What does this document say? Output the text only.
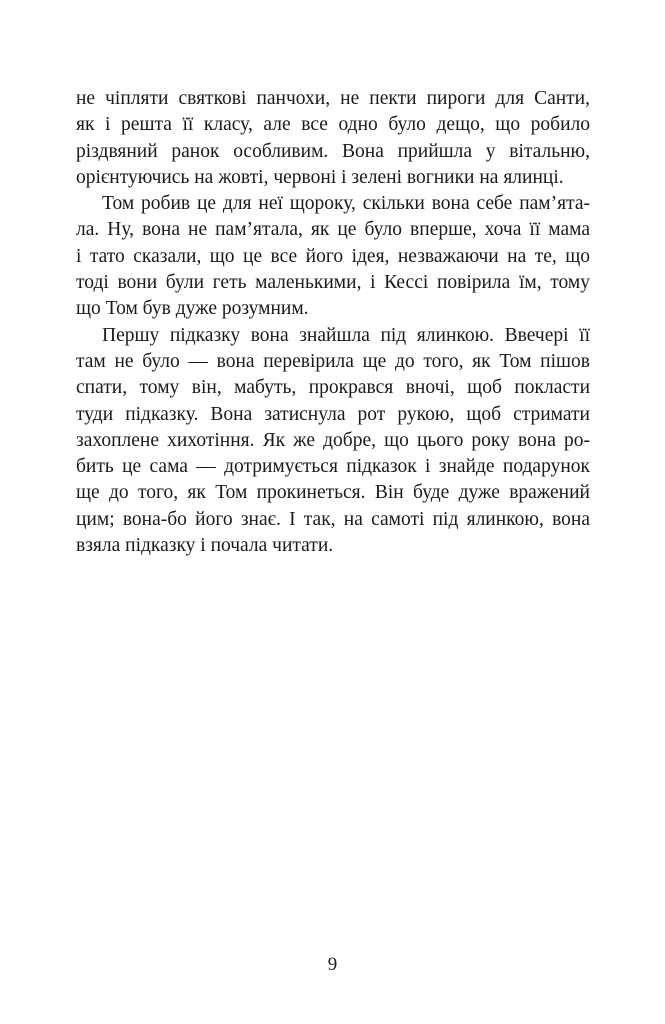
не чіпляти святкові панчохи, не пекти пироги для Санти,
як і решта її класу, але все одно було дещо, що робило
різдвяний ранок особливим. Вона прийшла у вітальню,
орієнтуючись на жовті, червоні і зелені вогники на ялинці.
Том робив це для неї щороку, скільки вона себе пам’ята-
ла. Ну, вона не пам’ятала, як це було вперше, хоча її мама
і тато сказали, що це все його ідея, незважаючи на те, що
тоді вони були геть маленькими, і Кессі повірила їм, тому
що Том був дуже розумним.
Першу підказку вона знайшла під ялинкою. Ввечері її
там не було — вона перевірила ще до того, як Том пішов
спати, тому він, мабуть, прокрався вночі, щоб покласти
туди підказку. Вона затиснула рот рукою, щоб стримати
захоплене хихотіння. Як же добре, що цього року вона ро-
бить це сама — дотримується підказок і знайде подарунок
ще до того, як Том прокинеться. Він буде дуже вражений
цим; вона-бо його знає. І так, на самоті під ялинкою, вона
взяла підказку і почала читати.
9
